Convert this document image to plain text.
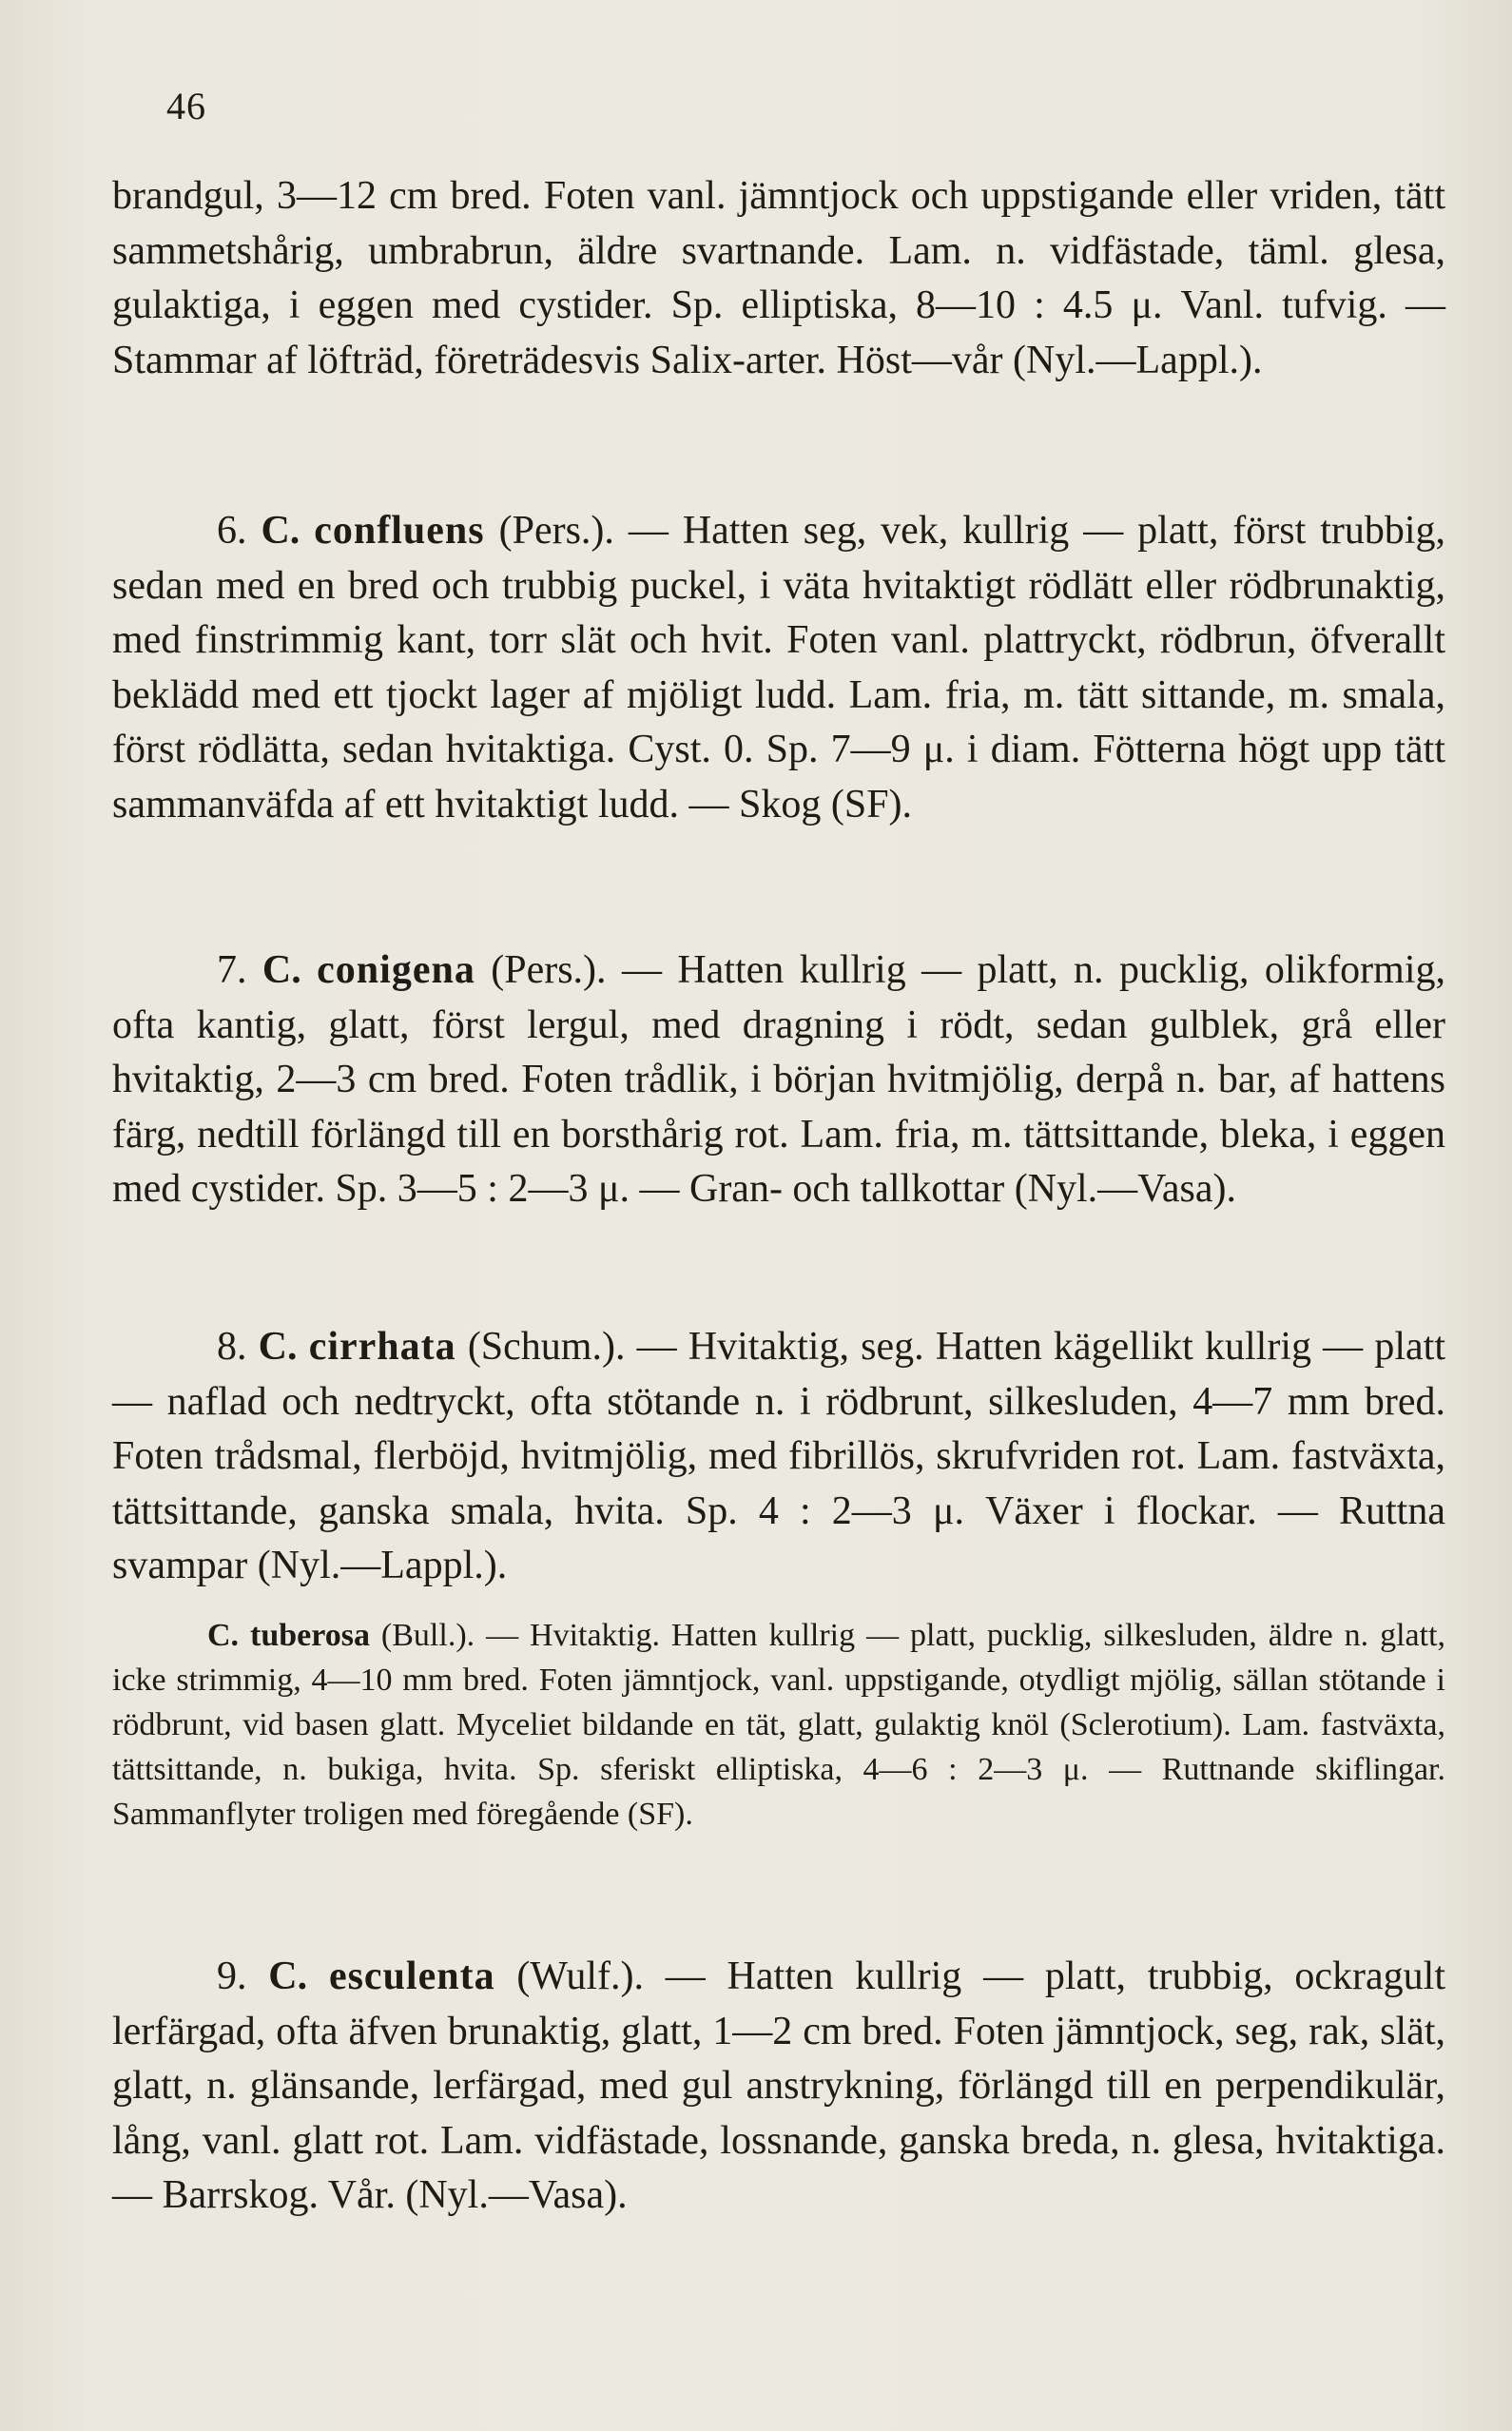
46

brandgul, 3—12 cm bred. Foten vanl. jämntjock och uppstigande eller vriden, tätt sammetshårig, umbrabrun, äldre svartnande. Lam. n. vidfästade, täml. glesa, gulaktiga, i eggen med cystider. Sp. elliptiska, 8—10 : 4.5 μ. Vanl. tufvig. — Stammar af löfträd, företrädesvis Salix-arter. Höst—vår (Nyl.—Lappl.).

6. C. confluens (Pers.). — Hatten seg, vek, kullrig — platt, först trubbig, sedan med en bred och trubbig puckel, i väta hvitaktigt rödlätt eller rödbrunaktig, med finstrimmig kant, torr slät och hvit. Foten vanl. plattryckt, rödbrun, öfverallt beklädd med ett tjockt lager af mjöligt ludd. Lam. fria, m. tätt sittande, m. smala, först rödlätta, sedan hvitaktiga. Cyst. 0. Sp. 7—9 μ. i diam. Fötterna högt upp tätt sammanväfda af ett hvitaktigt ludd. — Skog (SF).

7. C. conigena (Pers.). — Hatten kullrig — platt, n. pucklig, olikformig, ofta kantig, glatt, först lergul, med dragning i rödt, sedan gulblek, grå eller hvitaktig, 2—3 cm bred. Foten trådlik, i början hvitmjölig, derpå n. bar, af hattens färg, nedtill förlängd till en borsthårig rot. Lam. fria, m. tättsittande, bleka, i eggen med cystider. Sp. 3—5 : 2—3 μ. — Gran- och tallkottar (Nyl.—Vasa).

8. C. cirrhata (Schum.). — Hvitaktig, seg. Hatten kägellikt kullrig — platt — naflad och nedtryckt, ofta stötande n. i rödbrunt, silkesluden, 4—7 mm bred. Foten trådsmal, flerböjd, hvitmjölig, med fibrillös, skrufvriden rot. Lam. fastväxta, tättsittande, ganska smala, hvita. Sp. 4 : 2—3 μ. Växer i flockar. — Ruttna svampar (Nyl.—Lappl.).

C. tuberosa (Bull.). — Hvitaktig. Hatten kullrig — platt, pucklig, silkesluden, äldre n. glatt, icke strimmig, 4—10 mm bred. Foten jämntjock, vanl. uppstigande, otydligt mjölig, sällan stötande i rödbrunt, vid basen glatt. Myceliet bildande en tät, glatt, gulaktig knöl (Sclerotium). Lam. fastväxta, tättsittande, n. bukiga, hvita. Sp. sferiskt elliptiska, 4—6 : 2—3 μ. — Ruttnande skiflingar. Sammanflyter troligen med föregående (SF).

9. C. esculenta (Wulf.). — Hatten kullrig — platt, trubbig, ockragult lerfärgad, ofta äfven brunaktig, glatt, 1—2 cm bred. Foten jämntjock, seg, rak, slät, glatt, n. glänsande, lerfärgad, med gul anstrykning, förlängd till en perpendikulär, lång, vanl. glatt rot. Lam. vidfästade, lossnande, ganska breda, n. glesa, hvitaktiga. — Barrskog. Vår. (Nyl.—Vasa).
